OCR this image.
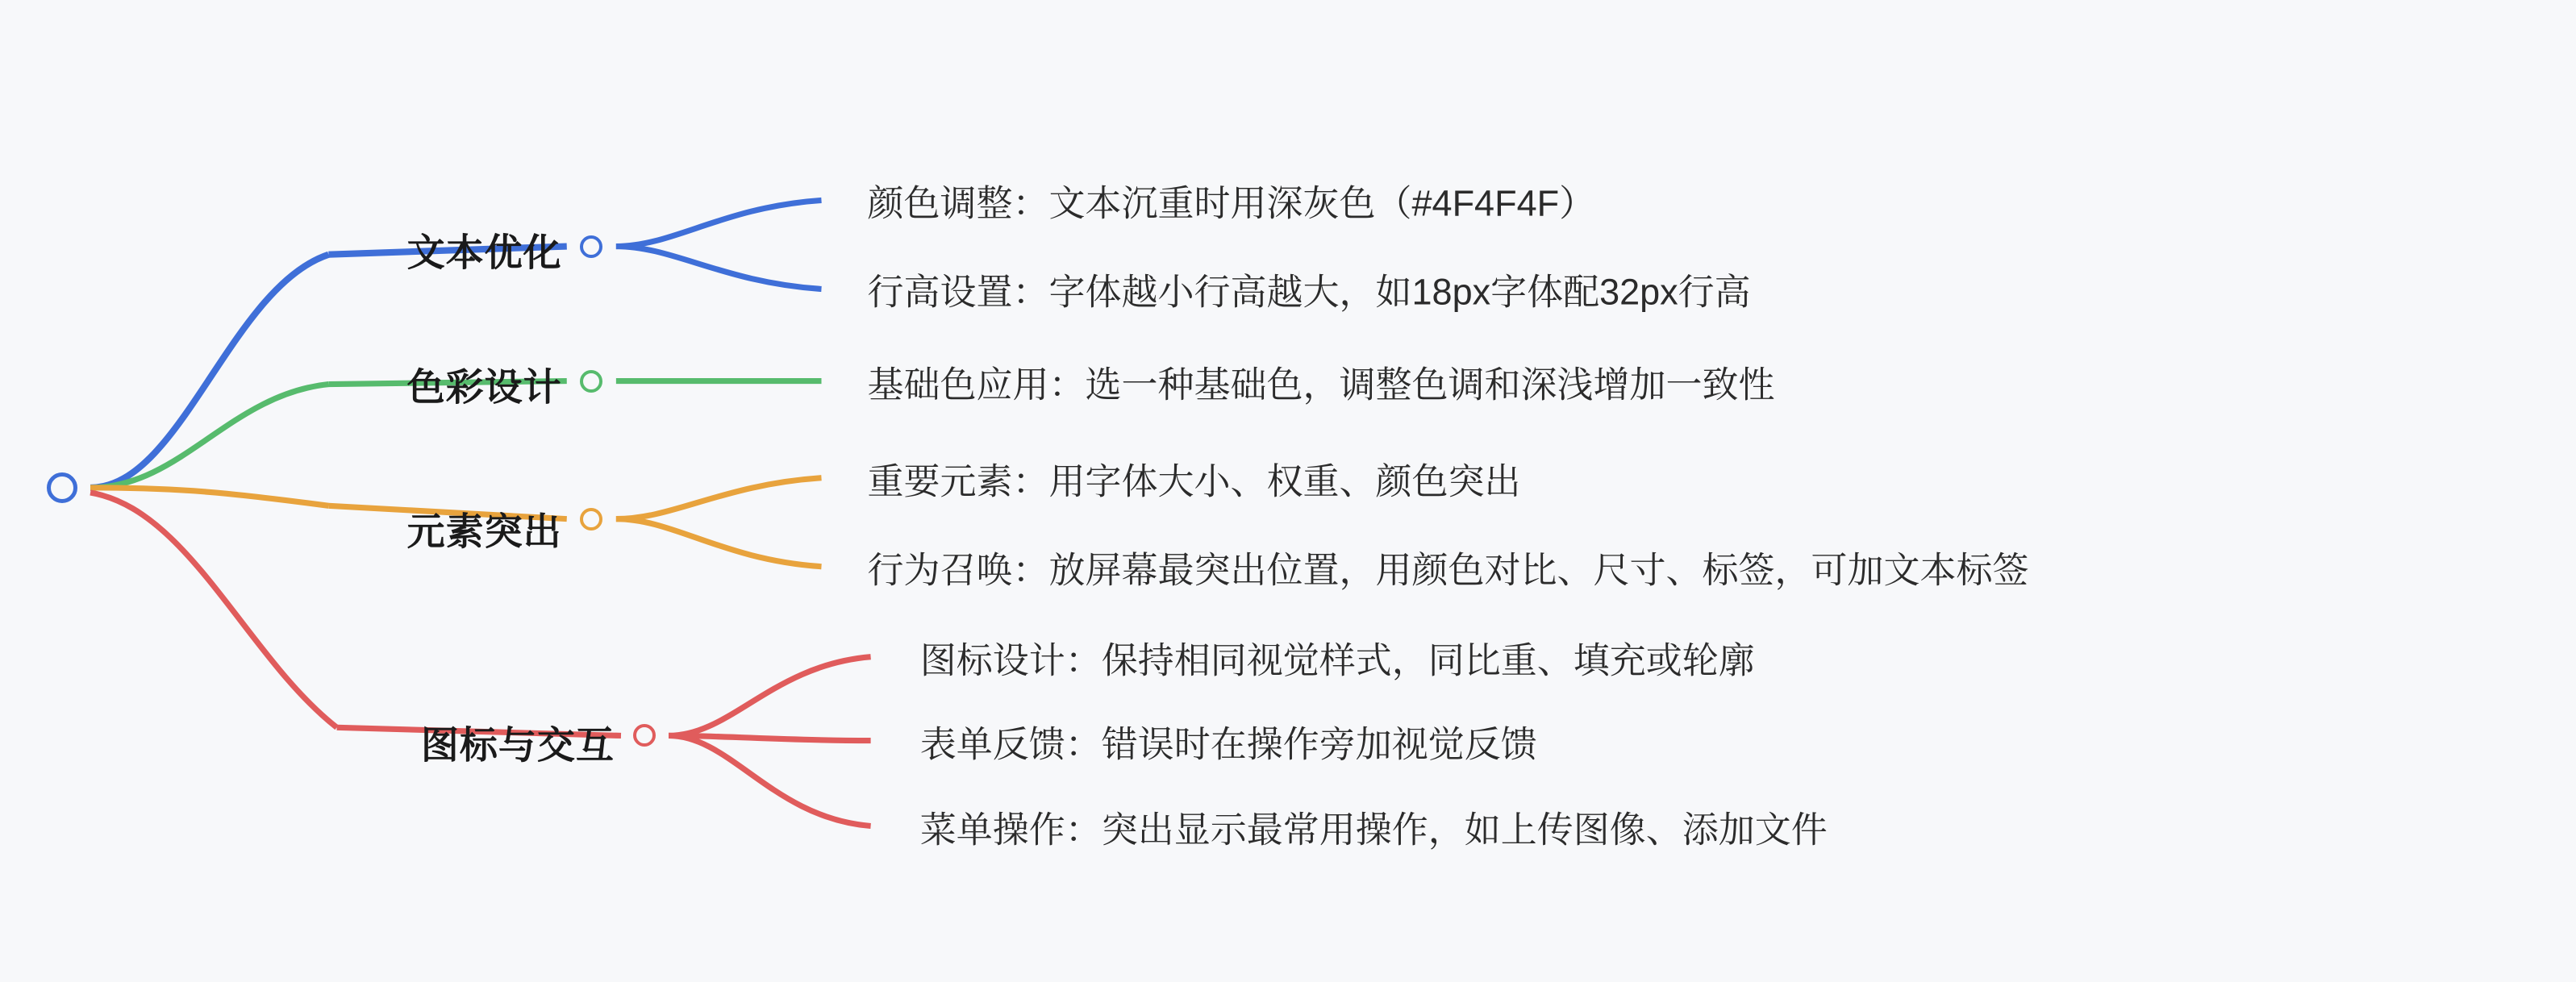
文本优化
颜色调整：文本沉重时用深灰色（#4F4F4F）
行高设置：字体越小行高越大，如18px字体配32px行高
色彩设计	基础色应用：选一种基础色，调整色调和深浅增加一致性
元素突出
重要元素：用字体大小、权重、颜色突出
行为召唤：放屏幕最突出位置，用颜色对比、尺寸、标签，可加文本标签
图标与交互
图标设计：保持相同视觉样式，同比重、填充或轮廓
表单反馈：错误时在操作旁加视觉反馈
菜单操作：突出显示最常用操作，如上传图像、添加文件
